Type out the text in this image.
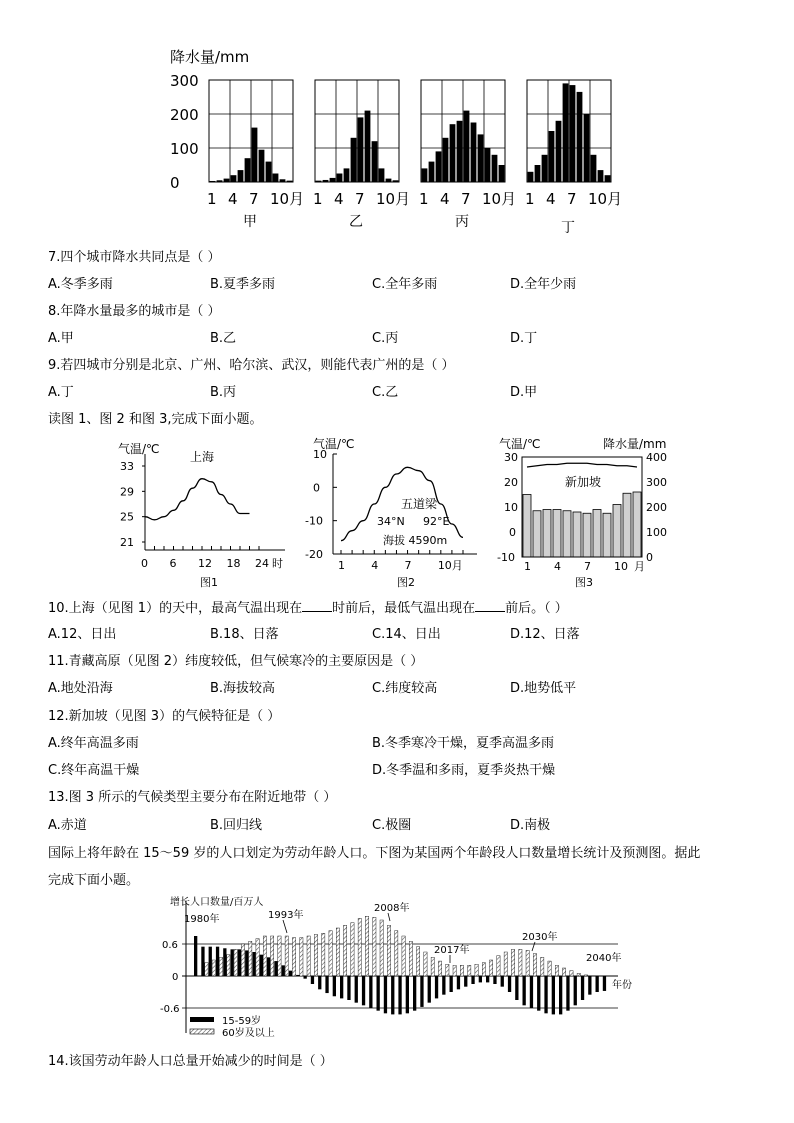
降水量/mm
1 4 7 10月
甲
1 4 7 10月
乙
1 4 7 10月
丙
1 4 7 10月
丁
300
200
100
0
7.四个城市降水共同点是（ ）
A.冬季多雨	B.夏季多雨	C.全年多雨	D.全年少雨
8.年降水量最多的城市是（ ）
A.甲	B.乙	C.丙	D.丁
9.若四城市分别是北京、广州、哈尔滨、武汉，则能代表广州的是（ ）
A.丁	B.丙	C.乙	D.甲
读图 1、图 2 和图 3,完成下面小题。
气温/℃
上海
33
29
25
21
0 6 12 18 24 时
图1
气温/℃
10
0
-10
-20
1 4 7 10月
五道梁
34°N 92°E
海拔 4590m
图2
气温/℃	降水量/mm
新加坡
30
20
10
0
-10
400
300
200
100
0
1 4 7 10 月
图3
10.上海（见图 1）的天中，最高气温出现在 时前后，最低气温出现在 前后。（ ）
A.12、日出	B.18、日落	C.14、日出	D.12、日落
11.青藏高原（见图 2）纬度较低，但气候寒冷的主要原因是（ ）
A.地处沿海	B.海拔较高	C.纬度较高	D.地势低平
12.新加坡（见图 3）的气候特征是（ ）
A.终年高温多雨	B.冬季寒冷干燥，夏季高温多雨
C.终年高温干燥	D.冬季温和多雨，夏季炎热干燥
13.图 3 所示的气候类型主要分布在附近地带（ ）
A.赤道	B.回归线	C.极圈	D.南极
国际上将年龄在 15～59 岁的人口划定为劳动年龄人口。下图为某国两个年龄段人口数量增长统计及预测图。据此
完成下面小题。
增长人口数量/百万人
0.6
0
-0.6
1980年	1993年
2008年
2017年
2030年
2040年
年份
15-59岁
60岁及以上
14.该国劳动年龄人口总量开始减少的时间是（ ）
